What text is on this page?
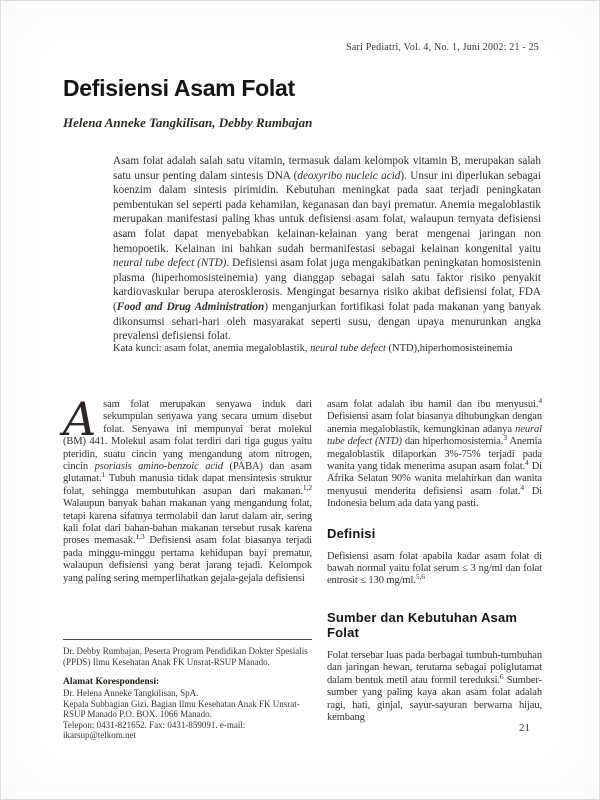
Sari Pediatri, Vol. 4, No. 1, Juni 2002: 21 - 25
Defisiensi Asam Folat
Helena Anneke Tangkilisan, Debby Rumbajan
Asam folat adalah salah satu vitamin, termasuk dalam kelompok vitamin B, merupakan salah satu unsur penting dalam sintesis DNA (deoxyribo nucleic acid). Unsur ini diperlukan sebagai koenzim dalam sintesis pirimidin. Kebutuhan meningkat pada saat terjadi peningkatan pembentukan sel seperti pada kehamilan, keganasan dan bayi prematur. Anemia megaloblastik merupakan manifestasi paling khas untuk defisiensi asam folat, walaupun ternyata defisiensi asam folat dapat menyebabkan kelainan-kelainan yang berat mengenai jaringan non hemopoetik. Kelainan ini bahkan sudah bermanifestasi sebagai kelainan kongenital yaitu neural tube defect (NTD). Defisiensi asam folat juga mengakibatkan peningkatan homosistenin plasma (hiperhomosisteinemia) yang dianggap sebagai salah satu faktor risiko penyakit kardiovaskular berupa aterosklerosis. Mengingat besarnya risiko akibat defisiensi folat, FDA (Food and Drug Administration) menganjurkan fortifikasi folat pada makanan yang banyak dikonsumsi sehari-hari oleh masyarakat seperti susu, dengan upaya menurunkan angka prevalensi defisiensi folat.
Kata kunci: asam folat, anemia megaloblastik, neural tube defect (NTD),hiperhomosisteinemia
Asam folat merupakan senyawa induk dari sekumpulan senyawa yang secara umum disebut folat. Senyawa ini mempunyai berat molekul (BM) 441. Molekul asam folat terdiri dari tiga gugus yaitu pteridin, suatu cincin yang mengandung atom nitrogen, cincin psoriasis amino-benzoic acid (PABA) dan asam glutamat.$^1$ Tubuh manusia tidak dapat mensintesis struktur folat, sehingga membutuhkan asupan dari makanan.$^{1,2}$ Walaupun banyak bahan makanan yang mengandung folat, tetapi karena sifatnya termolabil dan larut dalam air, sering kali folat dari bahan-bahan makanan tersebut rusak karena proses memasak.$^{1,3}$ Defisiensi asam folat biasanya terjadi pada minggu-minggu pertama kehidupan bayi prematur, walaupun defisiensi yang berat jarang tejadi. Kelompok yang paling sering memperlihatkan gejala-gejala defisiensi
Dr. Debby Rumbajan, Peserta Program Pendidikan Dokter Spesialis (PPDS) Ilmu Kesehatan Anak FK Unsrat-RSUP Manado.
Alamat Korespondensi:
Dr. Helena Anneke Tangkilisan, SpA.
Kepala Subbagian Gizi. Bagian Ilmu Kesehatan Anak FK Unsrat-RSUP Manado P.O. BOX. 1066 Manado.
Telepon: 0431-821652. Fax: 0431-859091. e-mail: ikarsup@telkom.net
asam folat adalah ibu hamil dan ibu menyusui.$^4$ Defisiensi asam folat biasanya dihubungkan dengan anemia megaloblastik, kemungkinan adanya neural tube defect (NTD) dan hiperhomosistemia.$^3$ Anemia megaloblastik dilaporkan 3%-75% terjadi pada wanita yang tidak menerima asupan asam folat.$^4$ Di Afrika Selatan 90% wanita melahirkan dan wanita menyusui menderita defisiensi asam folat.$^4$ Di Indonesia belum ada data yang pasti.
Definisi
Defisiensi asam folat apabila kadar asam folat di bawah normal yaitu folat serum ≤ 3 ng/ml dan folat entrosit ≤ 130 mg/ml.$^{5,6}$
Sumber dan Kebutuhan Asam Folat
Folat tersebar luas pada berbagai tumbuh-tumbuhan dan jaringan hewan, terutama sebagai poliglutamat dalam bentuk metil atau formil tereduksi.$^6$ Sumber-sumber yang paling kaya akan asam folat adalah ragi, hati, ginjal, sayur-sayuran berwarna hijau, kembang
21
